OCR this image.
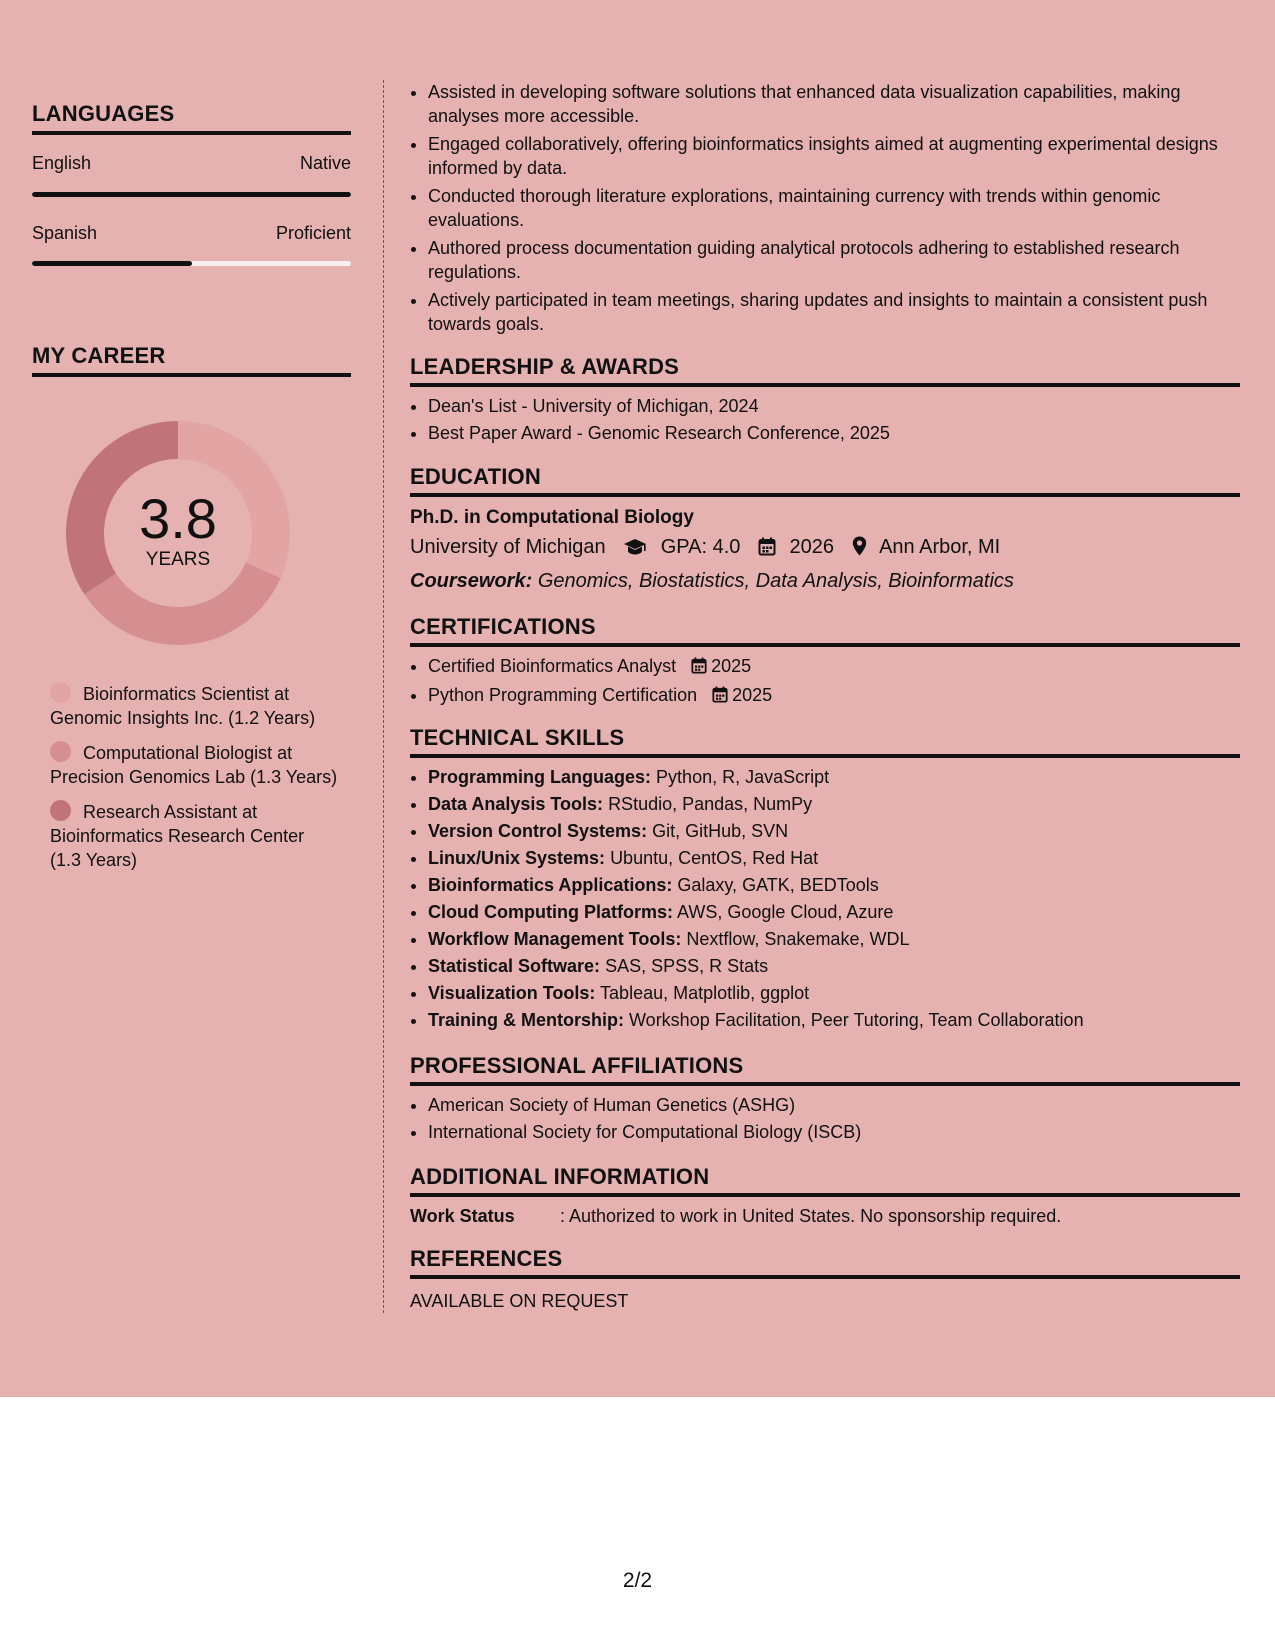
LANGUAGES
English	Native
Spanish	Proficient
MY CAREER
3.8
YEARS
Bioinformatics Scientist at Genomic Insights Inc. (1.2 Years)
Computational Biologist at Precision Genomics Lab (1.3 Years)
Research Assistant at Bioinformatics Research Center (1.3 Years)
• Assisted in developing software solutions that enhanced data visualization capabilities, making analyses more accessible.
• Engaged collaboratively, offering bioinformatics insights aimed at augmenting experimental designs informed by data.
• Conducted thorough literature explorations, maintaining currency with trends within genomic evaluations.
• Authored process documentation guiding analytical protocols adhering to established research regulations.
• Actively participated in team meetings, sharing updates and insights to maintain a consistent push towards goals.
LEADERSHIP & AWARDS
• Dean's List - University of Michigan, 2024
• Best Paper Award - Genomic Research Conference, 2025
EDUCATION
Ph.D. in Computational Biology
University of Michigan	GPA: 4.0 2026 Ann Arbor, MI
Coursework: Genomics, Biostatistics, Data Analysis, Bioinformatics
CERTIFICATIONS
• Certified Bioinformatics Analyst 2025
• Python Programming Certification 2025
TECHNICAL SKILLS
• Programming Languages: Python, R, JavaScript
• Data Analysis Tools: RStudio, Pandas, NumPy
• Version Control Systems: Git, GitHub, SVN
• Linux/Unix Systems: Ubuntu, CentOS, Red Hat
• Bioinformatics Applications: Galaxy, GATK, BEDTools
• Cloud Computing Platforms: AWS, Google Cloud, Azure
• Workflow Management Tools: Nextflow, Snakemake, WDL
• Statistical Software: SAS, SPSS, R Stats
• Visualization Tools: Tableau, Matplotlib, ggplot
• Training & Mentorship: Workshop Facilitation, Peer Tutoring, Team Collaboration
PROFESSIONAL AFFILIATIONS
• American Society of Human Genetics (ASHG)
• International Society for Computational Biology (ISCB)
ADDITIONAL INFORMATION
Work Status	: Authorized to work in United States. No sponsorship required.
REFERENCES
AVAILABLE ON REQUEST
2/2
